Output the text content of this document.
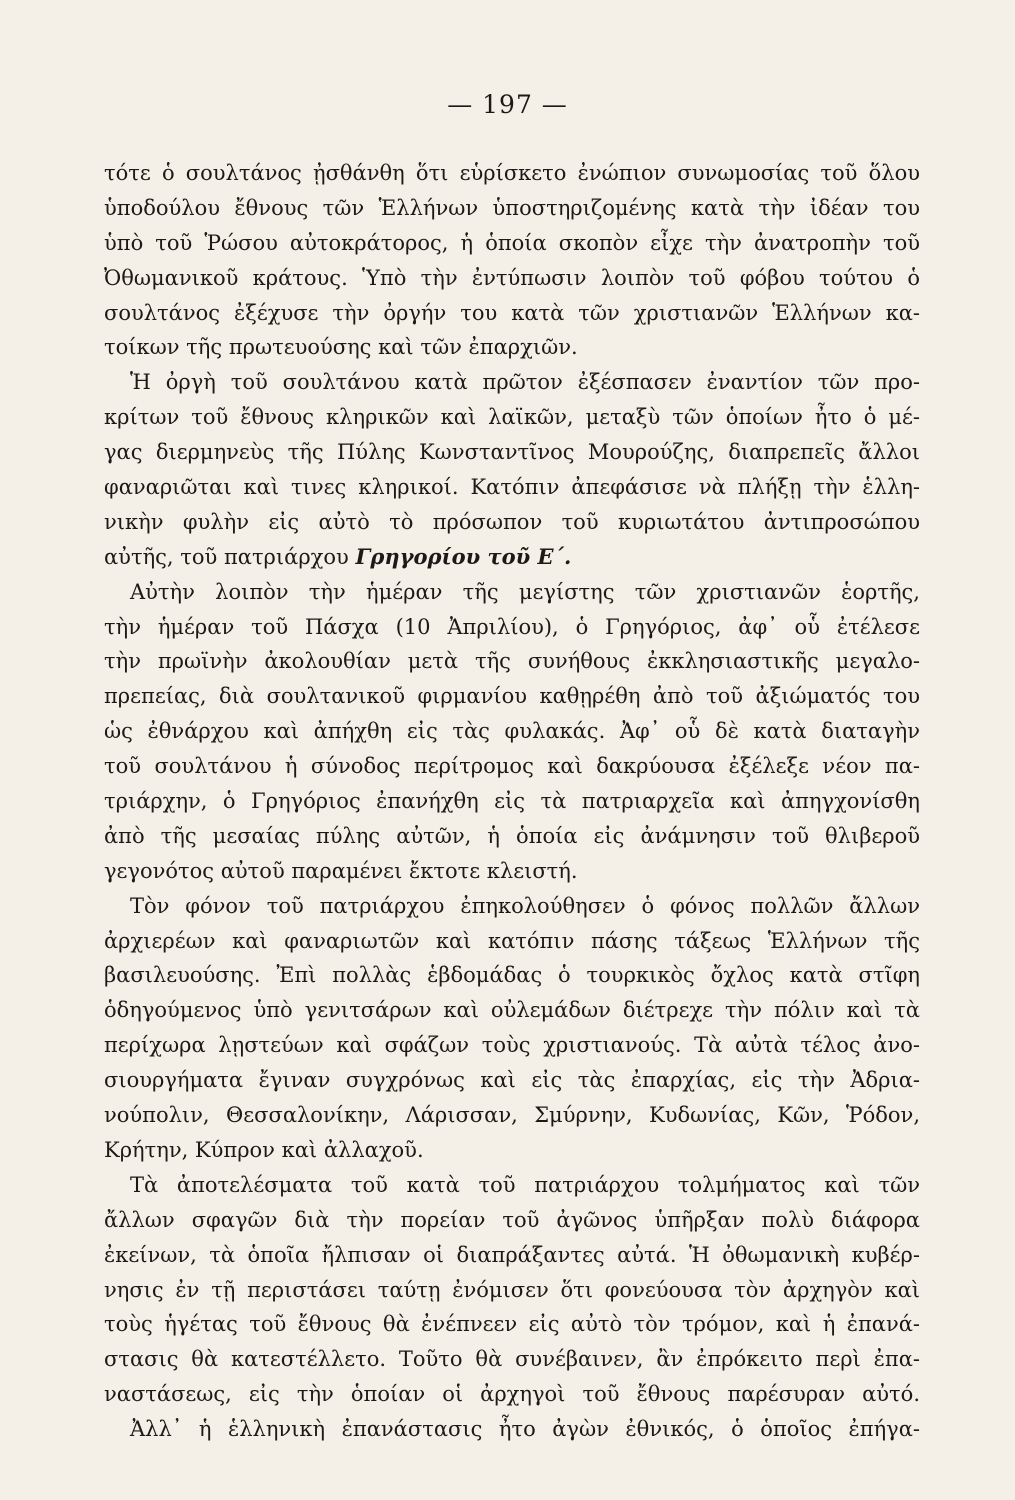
— 197 —
τότε ὁ σουλτάνος ᾐσθάνθη ὅτι εὑρίσκετο ἐνώπιον συνωμοσίας τοῦ ὅλου
ὑποδούλου ἔθνους τῶν Ἑλλήνων ὑποστηριζομένης κατὰ τὴν ἰδέαν του
ὑπὸ τοῦ Ῥώσου αὐτοκράτορος, ἡ ὁποία σκοπὸν εἶχε τὴν ἀνατροπὴν τοῦ
Ὀθωμανικοῦ κράτους. Ὑπὸ τὴν ἐντύπωσιν λοιπὸν τοῦ φόβου τούτου ὁ
σουλτάνος ἐξέχυσε τὴν ὀργήν του κατὰ τῶν χριστιανῶν Ἑλλήνων κα-
τοίκων τῆς πρωτευούσης καὶ τῶν ἐπαρχιῶν.
Ἡ ὀργὴ τοῦ σουλτάνου κατὰ πρῶτον ἐξέσπασεν ἐναντίον τῶν προ-
κρίτων τοῦ ἔθνους κληρικῶν καὶ λαϊκῶν, μεταξὺ τῶν ὁποίων ἦτο ὁ μέ-
γας διερμηνεὺς τῆς Πύλης Κωνσταντῖνος Μουρούζης, διαπρεπεῖς ἄλλοι
φαναριῶται καὶ τινες κληρικοί. Κατόπιν ἀπεφάσισε νὰ πλήξῃ τὴν ἑλλη-
νικὴν φυλὴν εἰς αὐτὸ τὸ πρόσωπον τοῦ κυριωτάτου ἀντιπροσώπου
αὐτῆς, τοῦ πατριάρχου Γρηγορίου τοῦ Ε΄.
Αὐτὴν λοιπὸν τὴν ἡμέραν τῆς μεγίστης τῶν χριστιανῶν ἑορτῆς,
τὴν ἡμέραν τοῦ Πάσχα (10 Ἀπριλίου), ὁ Γρηγόριος, ἀφ᾽ οὗ ἐτέλεσε
τὴν πρωϊνὴν ἀκολουθίαν μετὰ τῆς συνήθους ἐκκλησιαστικῆς μεγαλο-
πρεπείας, διὰ σουλτανικοῦ φιρμανίου καθῃρέθη ἀπὸ τοῦ ἀξιώματός του
ὡς ἐθνάρχου καὶ ἀπήχθη εἰς τὰς φυλακάς. Ἀφ᾽ οὗ δὲ κατὰ διαταγὴν
τοῦ σουλτάνου ἡ σύνοδος περίτρομος καὶ δακρύουσα ἐξέλεξε νέον πα-
τριάρχην, ὁ Γρηγόριος ἐπανήχθη εἰς τὰ πατριαρχεῖα καὶ ἀπηγχονίσθη
ἀπὸ τῆς μεσαίας πύλης αὐτῶν, ἡ ὁποία εἰς ἀνάμνησιν τοῦ θλιβεροῦ
γεγονότος αὐτοῦ παραμένει ἔκτοτε κλειστή.
Τὸν φόνον τοῦ πατριάρχου ἐπηκολούθησεν ὁ φόνος πολλῶν ἄλλων
ἀρχιερέων καὶ φαναριωτῶν καὶ κατόπιν πάσης τάξεως Ἑλλήνων τῆς
βασιλευούσης. Ἐπὶ πολλὰς ἑβδομάδας ὁ τουρκικὸς ὄχλος κατὰ στῖφη
ὁδηγούμενος ὑπὸ γενιτσάρων καὶ οὐλεμάδων διέτρεχε τὴν πόλιν καὶ τὰ
περίχωρα λῃστεύων καὶ σφάζων τοὺς χριστιανούς. Τὰ αὐτὰ τέλος ἀνο-
σιουργήματα ἔγιναν συγχρόνως καὶ εἰς τὰς ἐπαρχίας, εἰς τὴν Ἀδρια-
νούπολιν, Θεσσαλονίκην, Λάρισσαν, Σμύρνην, Κυδωνίας, Κῶν, Ῥόδον,
Κρήτην, Κύπρον καὶ ἀλλαχοῦ.
Τὰ ἀποτελέσματα τοῦ κατὰ τοῦ πατριάρχου τολμήματος καὶ τῶν
ἄλλων σφαγῶν διὰ τὴν πορείαν τοῦ ἀγῶνος ὑπῆρξαν πολὺ διάφορα
ἐκείνων, τὰ ὁποῖα ἤλπισαν οἱ διαπράξαντες αὐτά. Ἡ ὀθωμανικὴ κυβέρ-
νησις ἐν τῇ περιστάσει ταύτῃ ἐνόμισεν ὅτι φονεύουσα τὸν ἀρχηγὸν καὶ
τοὺς ἡγέτας τοῦ ἔθνους θὰ ἐνέπνεεν εἰς αὐτὸ τὸν τρόμον, καὶ ἡ ἐπανά-
στασις θὰ κατεστέλλετο. Τοῦτο θὰ συνέβαινεν, ἂν ἐπρόκειτο περὶ ἐπα-
ναστάσεως, εἰς τὴν ὁποίαν οἱ ἀρχηγοὶ τοῦ ἔθνους παρέσυραν αὐτό.
Ἀλλ᾽ ἡ ἑλληνικὴ ἐπανάστασις ἦτο ἀγὼν ἐθνικός, ὁ ὁποῖος ἐπήγα-
